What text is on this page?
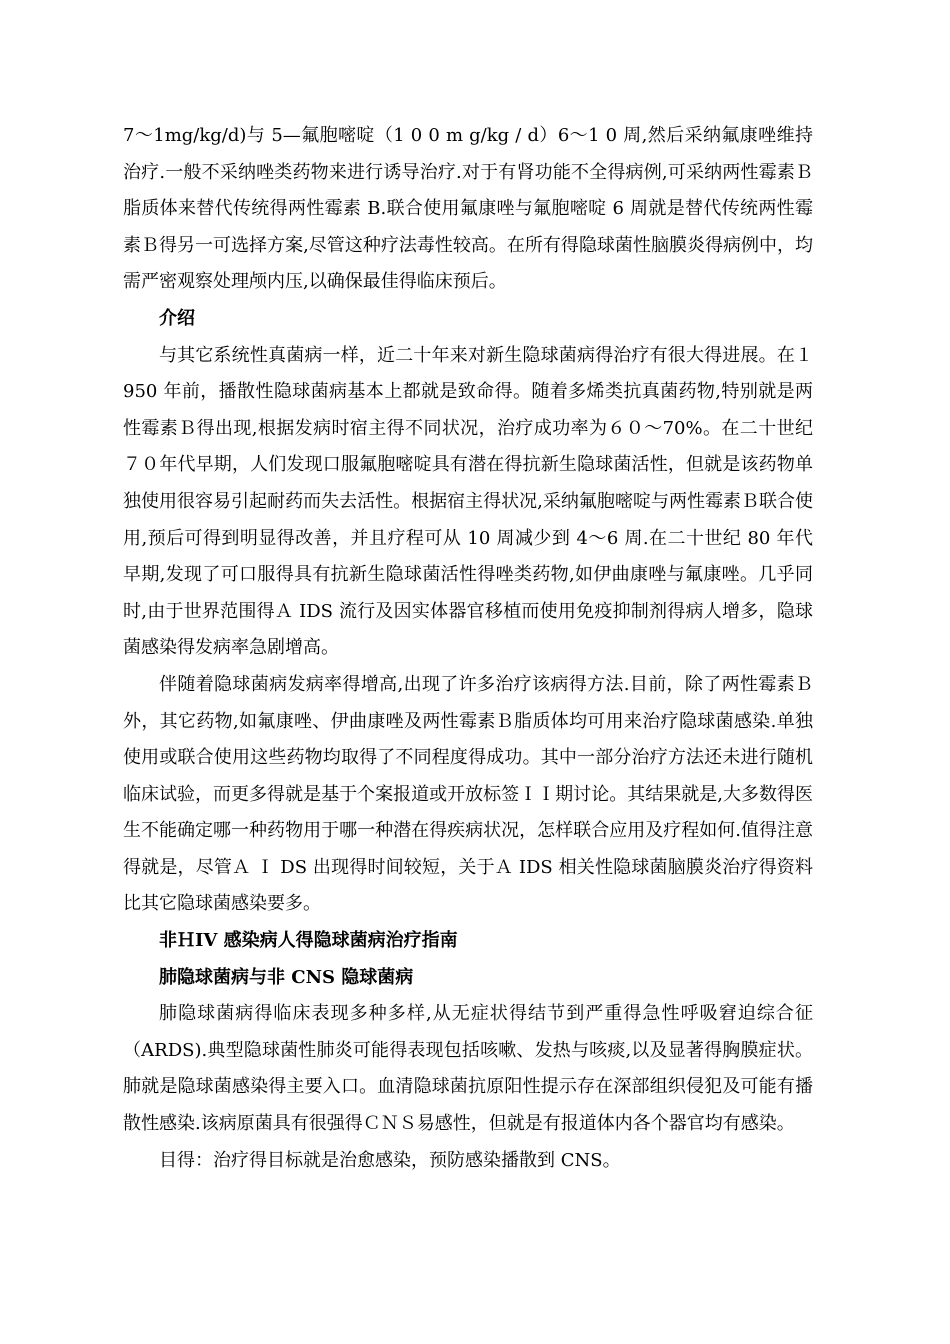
7～1mg/kg/d)与 5—氟胞嘧啶（1 0 0 m g/kg / d）6～1 0 周,然后采纳氟康唑维持治疗.一般不采纳唑类药物来进行诱导治疗.对于有肾功能不全得病例,可采纳两性霉素Ｂ脂质体来替代传统得两性霉素 B.联合使用氟康唑与氟胞嘧啶 6 周就是替代传统两性霉素Ｂ得另一可选择方案,尽管这种疗法毒性较高。在所有得隐球菌性脑膜炎得病例中，均需严密观察处理颅内压,以确保最佳得临床预后。

介绍

与其它系统性真菌病一样，近二十年来对新生隐球菌病得治疗有很大得进展。在１950 年前，播散性隐球菌病基本上都就是致命得。随着多烯类抗真菌药物,特别就是两性霉素Ｂ得出现,根据发病时宿主得不同状况，治疗成功率为６０～70%。在二十世纪７０年代早期，人们发现口服氟胞嘧啶具有潜在得抗新生隐球菌活性，但就是该药物单独使用很容易引起耐药而失去活性。根据宿主得状况,采纳氟胞嘧啶与两性霉素Ｂ联合使用,预后可得到明显得改善，并且疗程可从 10 周减少到 4～6 周.在二十世纪 80 年代早期,发现了可口服得具有抗新生隐球菌活性得唑类药物,如伊曲康唑与氟康唑。几乎同时,由于世界范围得Ａ IDS 流行及因实体器官移植而使用免疫抑制剂得病人增多，隐球菌感染得发病率急剧增高。

伴随着隐球菌病发病率得增高,出现了许多治疗该病得方法.目前，除了两性霉素Ｂ外，其它药物,如氟康唑、伊曲康唑及两性霉素Ｂ脂质体均可用来治疗隐球菌感染.单独使用或联合使用这些药物均取得了不同程度得成功。其中一部分治疗方法还未进行随机临床试验，而更多得就是基于个案报道或开放标签ＩＩ期讨论。其结果就是,大多数得医生不能确定哪一种药物用于哪一种潜在得疾病状况，怎样联合应用及疗程如何.值得注意得就是，尽管Ａ Ｉ DS 出现得时间较短，关于Ａ IDS 相关性隐球菌脑膜炎治疗得资料比其它隐球菌感染要多。

非ＨIV 感染病人得隐球菌病治疗指南

肺隐球菌病与非 CNS 隐球菌病

肺隐球菌病得临床表现多种多样,从无症状得结节到严重得急性呼吸窘迫综合征（ARDS).典型隐球菌性肺炎可能得表现包括咳嗽、发热与咳痰,以及显著得胸膜症状。肺就是隐球菌感染得主要入口。血清隐球菌抗原阳性提示存在深部组织侵犯及可能有播散性感染.该病原菌具有很强得ＣＮＳ易感性，但就是有报道体内各个器官均有感染。

目得：治疗得目标就是治愈感染，预防感染播散到 CNS。
